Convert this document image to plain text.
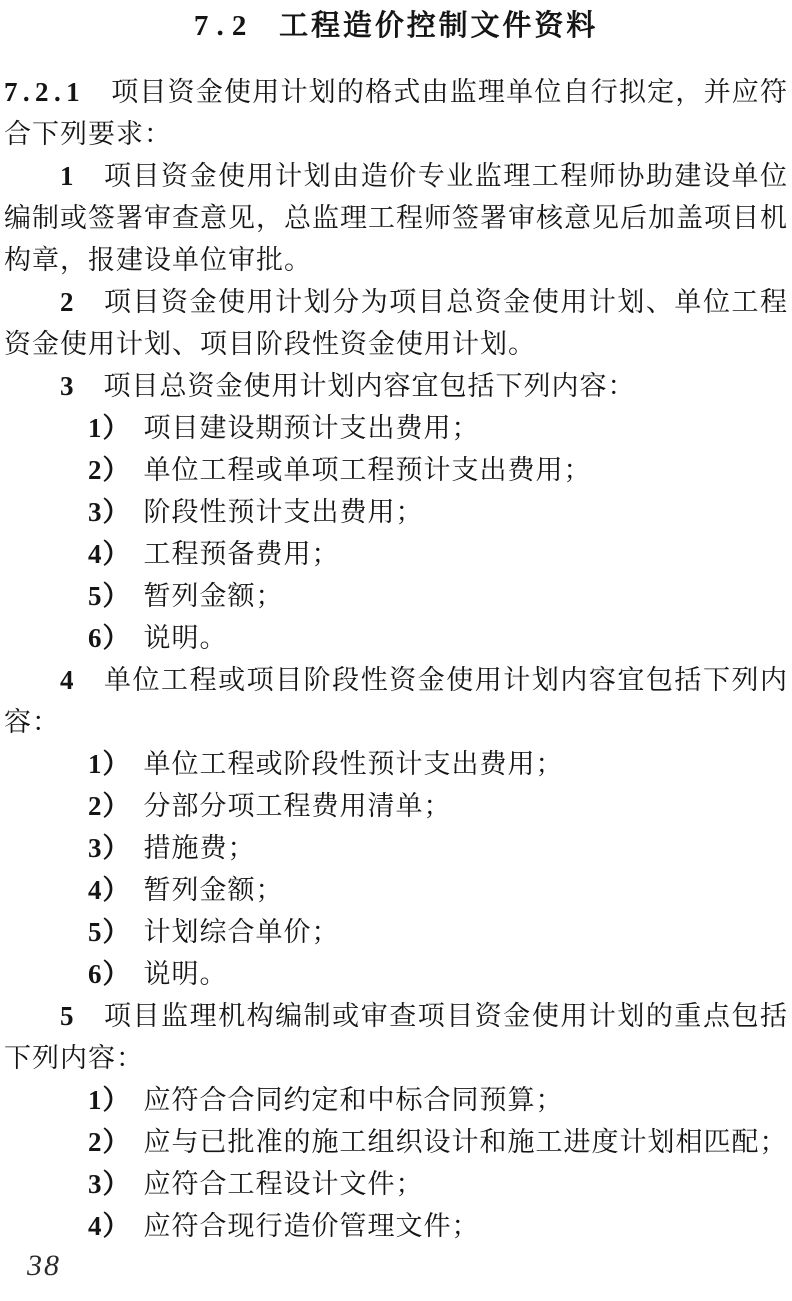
7.2 工程造价控制文件资料

7.2.1 项目资金使用计划的格式由监理单位自行拟定，并应符合下列要求：

1 项目资金使用计划由造价专业监理工程师协助建设单位编制或签署审查意见，总监理工程师签署审核意见后加盖项目机构章，报建设单位审批。

2 项目资金使用计划分为项目总资金使用计划、单位工程资金使用计划、项目阶段性资金使用计划。

3 项目总资金使用计划内容宜包括下列内容：

1） 项目建设期预计支出费用；

2） 单位工程或单项工程预计支出费用；

3） 阶段性预计支出费用；

4） 工程预备费用；

5） 暂列金额；

6） 说明。

4 单位工程或项目阶段性资金使用计划内容宜包括下列内容：

1） 单位工程或阶段性预计支出费用；

2） 分部分项工程费用清单；

3） 措施费；

4） 暂列金额；

5） 计划综合单价；

6） 说明。

5 项目监理机构编制或审查项目资金使用计划的重点包括下列内容：

1） 应符合合同约定和中标合同预算；

2） 应与已批准的施工组织设计和施工进度计划相匹配；

3） 应符合工程设计文件；

4） 应符合现行造价管理文件；

38
